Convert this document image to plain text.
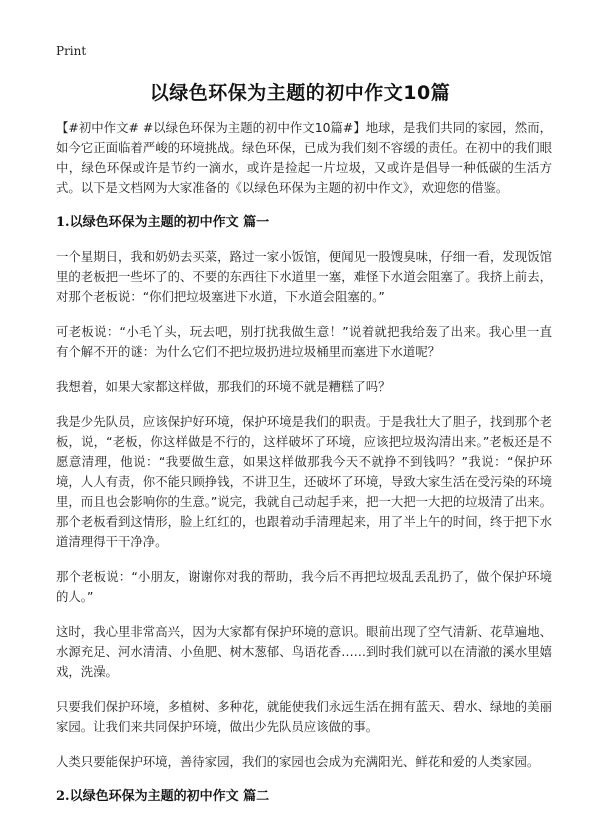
Print
以绿色环保为主题的初中作文10篇

【#初中作文# #以绿色环保为主题的初中作文10篇#】地球，是我们共同的家园，然而，如今它正面临着严峻的环境挑战。绿色环保，已成为我们刻不容缓的责任。在初中的我们眼中，绿色环保或许是节约一滴水，或许是捡起一片垃圾，又或许是倡导一种低碳的生活方式。以下是文档网为大家准备的《以绿色环保为主题的初中作文》，欢迎您的借鉴。

1.以绿色环保为主题的初中作文 篇一

一个星期日，我和奶奶去买菜，路过一家小饭馆，便闻见一股馊臭味，仔细一看，发现饭馆里的老板把一些坏了的、不要的东西往下水道里一塞，难怪下水道会阻塞了。我挤上前去，对那个老板说：“你们把垃圾塞进下水道，下水道会阻塞的。”

可老板说：“小毛丫头，玩去吧，别打扰我做生意！”说着就把我给轰了出来。我心里一直有个解不开的谜：为什么它们不把垃圾扔进垃圾桶里而塞进下水道呢？

我想着，如果大家都这样做，那我们的环境不就是糟糕了吗？

我是少先队员，应该保护好环境，保护环境是我们的职责。于是我壮大了胆子，找到那个老板，说，“老板，你这样做是不行的，这样破坏了环境，应该把垃圾沟清出来。”老板还是不愿意清理，他说：“我要做生意，如果这样做那我今天不就挣不到钱吗？”我说：“保护环境，人人有责，你不能只顾挣钱，不讲卫生，还破坏了环境，导致大家生活在受污染的环境里，而且也会影响你的生意。”说完，我就自己动起手来，把一大把一大把的垃圾清了出来。那个老板看到这情形，脸上红红的，也跟着动手清理起来，用了半上午的时间，终于把下水道清理得干干净净。

那个老板说：“小朋友，谢谢你对我的帮助，我今后不再把垃圾乱丢乱扔了，做个保护环境的人。”

这时，我心里非常高兴，因为大家都有保护环境的意识。眼前出现了空气清新、花草遍地、水源充足、河水清清、小鱼肥、树木葱郁、鸟语花香……到时我们就可以在清澈的溪水里嬉戏，洗澡。

只要我们保护环境，多植树、多种花，就能使我们永远生活在拥有蓝天、碧水、绿地的美丽家园。让我们来共同保护环境，做出少先队员应该做的事。

人类只要能保护环境，善待家园，我们的家园也会成为充满阳光、鲜花和爱的人类家园。

2.以绿色环保为主题的初中作文 篇二
